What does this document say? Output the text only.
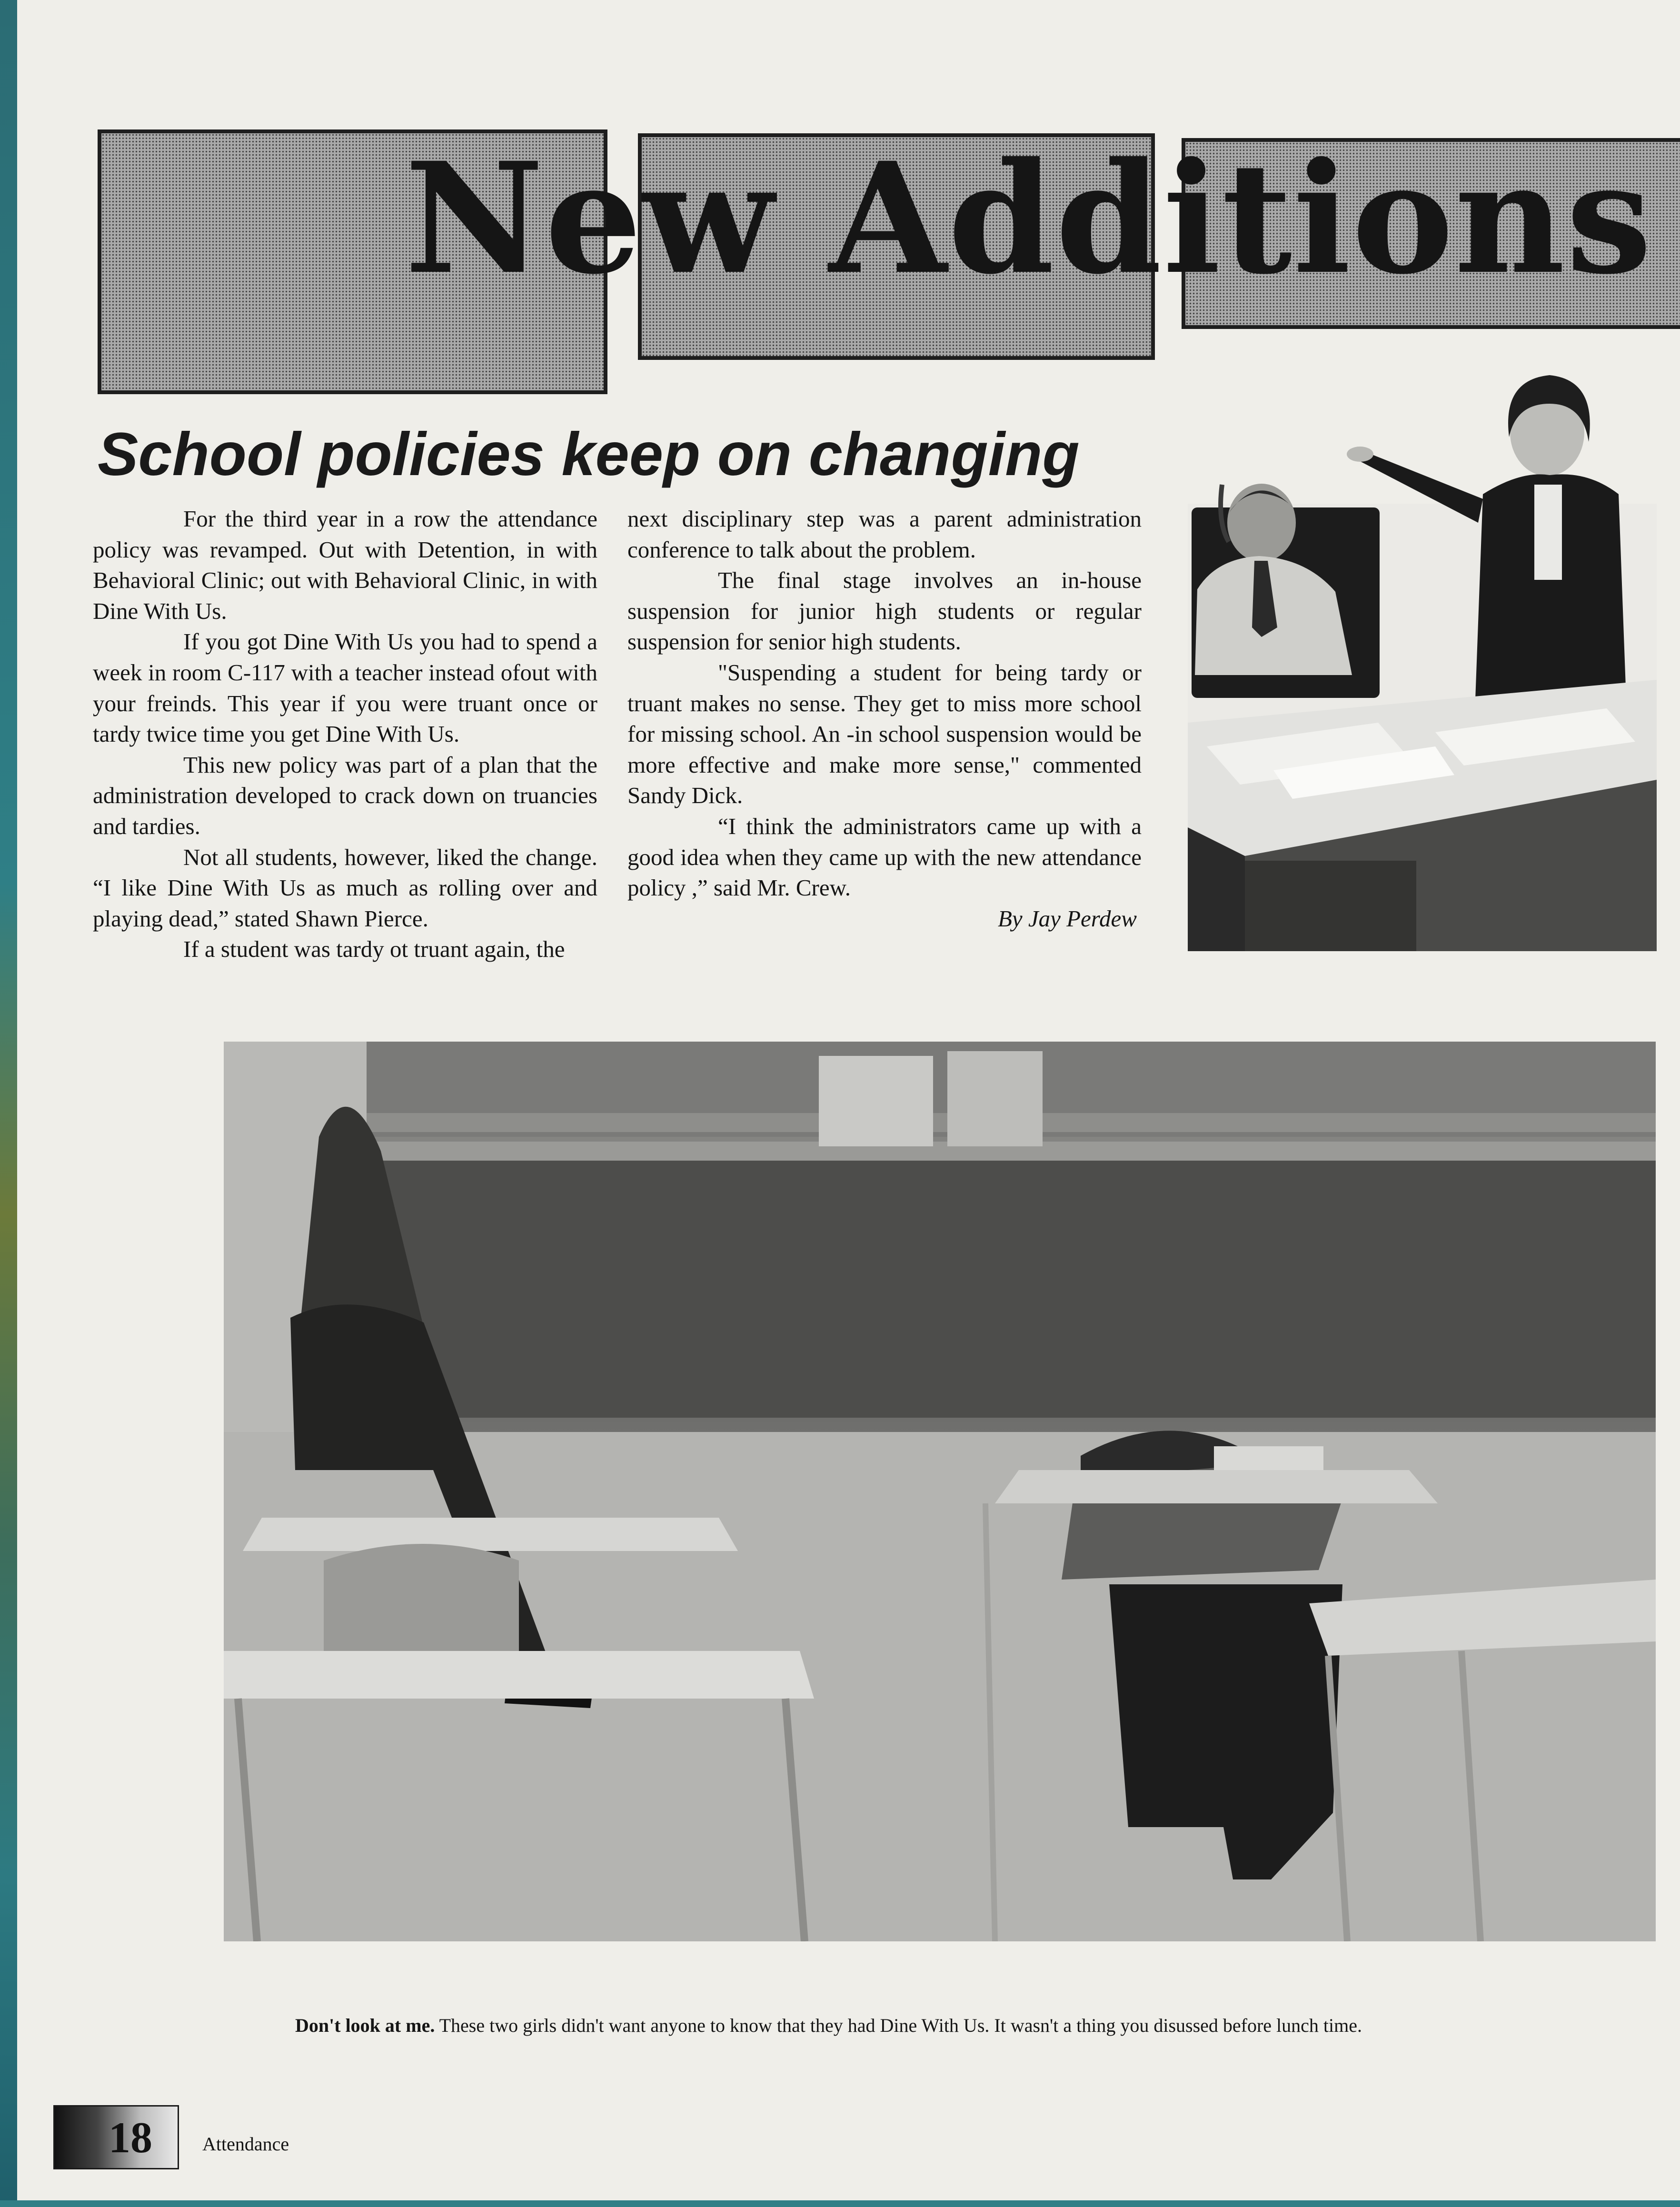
New Additions
School policies keep on changing

For the third year in a row the attendance policy was revamped. Out with Detention, in with Behavioral Clinic; out with Behavioral Clinic, in with Dine With Us.

If you got Dine With Us you had to spend a week in room C-117 with a teacher instead ofout with your freinds. This year if you were truant once or tardy twice time you get Dine With Us.

This new policy was part of a plan that the administration developed to crack down on truancies and tardies.

Not all students, however, liked the change. “I like Dine With Us as much as rolling over and playing dead,” stated Shawn Pierce.

If a student was tardy ot truant again, the

next disciplinary step was a parent administration conference to talk about the problem.

The final stage involves an in-house suspension for junior high students or regular suspension for senior high students.

"Suspending a student for being tardy or truant makes no sense. They get to miss more school for missing school. An -in school suspension would be more effective and make more sense," commented Sandy Dick.

“I think the administrators came up with a good idea when they came up with the new attendance policy ,” said Mr. Crew.

By Jay Perdew

Don't look at me. These two girls didn't want anyone to know that they had Dine With Us. It wasn't a thing you disussed before lunch time.

18	Attendance
